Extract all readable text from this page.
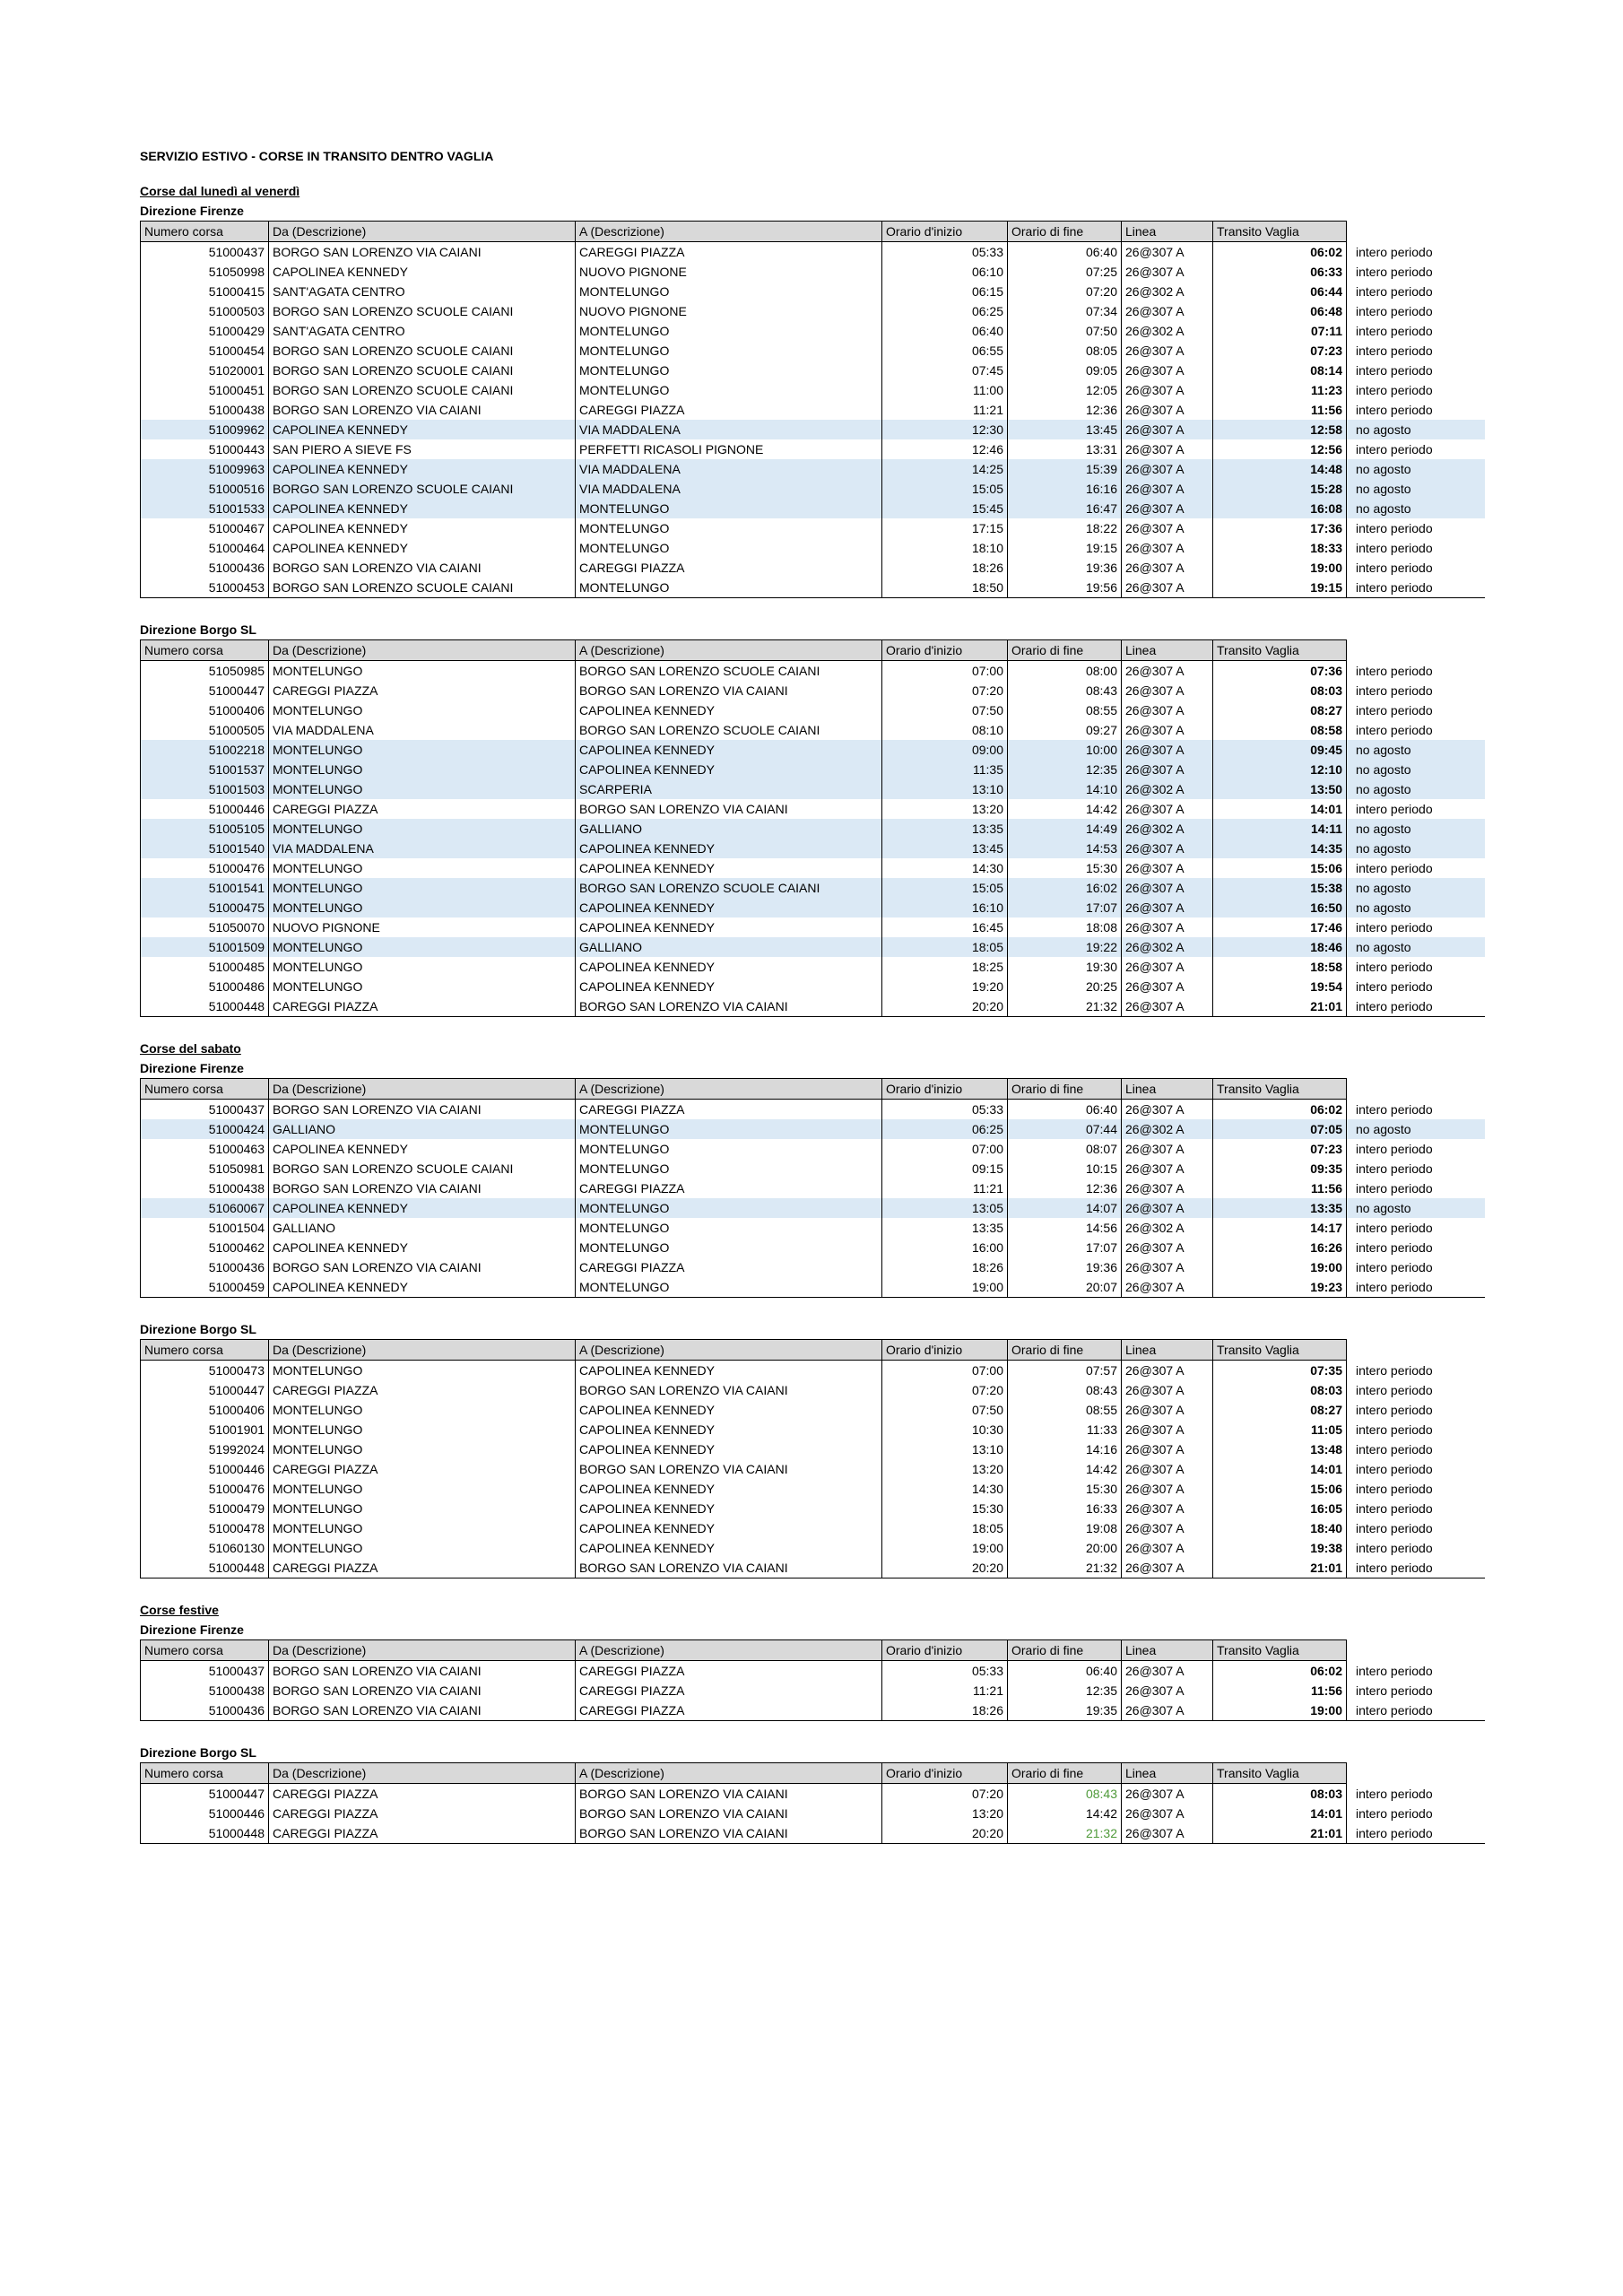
SERVIZIO ESTIVO - CORSE IN TRANSITO DENTRO VAGLIA
Corse dal lunedì al venerdì
Direzione Firenze
Numero corsa	Da (Descrizione)	A (Descrizione)	Orario d'inizio	Orario di fine	Linea	Transito Vaglia	
51000437	BORGO SAN LORENZO VIA CAIANI	CAREGGI PIAZZA	05:33	06:40	26@307 A	06:02	intero periodo
51050998	CAPOLINEA KENNEDY	NUOVO PIGNONE	06:10	07:25	26@307 A	06:33	intero periodo
51000415	SANT'AGATA CENTRO	MONTELUNGO	06:15	07:20	26@302 A	06:44	intero periodo
51000503	BORGO SAN LORENZO SCUOLE CAIANI	NUOVO PIGNONE	06:25	07:34	26@307 A	06:48	intero periodo
51000429	SANT'AGATA CENTRO	MONTELUNGO	06:40	07:50	26@302 A	07:11	intero periodo
51000454	BORGO SAN LORENZO SCUOLE CAIANI	MONTELUNGO	06:55	08:05	26@307 A	07:23	intero periodo
51020001	BORGO SAN LORENZO SCUOLE CAIANI	MONTELUNGO	07:45	09:05	26@307 A	08:14	intero periodo
51000451	BORGO SAN LORENZO SCUOLE CAIANI	MONTELUNGO	11:00	12:05	26@307 A	11:23	intero periodo
51000438	BORGO SAN LORENZO VIA CAIANI	CAREGGI PIAZZA	11:21	12:36	26@307 A	11:56	intero periodo
51009962	CAPOLINEA KENNEDY	VIA MADDALENA	12:30	13:45	26@307 A	12:58	no agosto
51000443	SAN PIERO A SIEVE FS	PERFETTI RICASOLI PIGNONE	12:46	13:31	26@307 A	12:56	intero periodo
51009963	CAPOLINEA KENNEDY	VIA MADDALENA	14:25	15:39	26@307 A	14:48	no agosto
51000516	BORGO SAN LORENZO SCUOLE CAIANI	VIA MADDALENA	15:05	16:16	26@307 A	15:28	no agosto
51001533	CAPOLINEA KENNEDY	MONTELUNGO	15:45	16:47	26@307 A	16:08	no agosto
51000467	CAPOLINEA KENNEDY	MONTELUNGO	17:15	18:22	26@307 A	17:36	intero periodo
51000464	CAPOLINEA KENNEDY	MONTELUNGO	18:10	19:15	26@307 A	18:33	intero periodo
51000436	BORGO SAN LORENZO VIA CAIANI	CAREGGI PIAZZA	18:26	19:36	26@307 A	19:00	intero periodo
51000453	BORGO SAN LORENZO SCUOLE CAIANI	MONTELUNGO	18:50	19:56	26@307 A	19:15	intero periodo
Direzione Borgo SL
Numero corsa	Da (Descrizione)	A (Descrizione)	Orario d'inizio	Orario di fine	Linea	Transito Vaglia	
51050985	MONTELUNGO	BORGO SAN LORENZO SCUOLE CAIANI	07:00	08:00	26@307 A	07:36	intero periodo
51000447	CAREGGI PIAZZA	BORGO SAN LORENZO VIA CAIANI	07:20	08:43	26@307 A	08:03	intero periodo
51000406	MONTELUNGO	CAPOLINEA KENNEDY	07:50	08:55	26@307 A	08:27	intero periodo
51000505	VIA MADDALENA	BORGO SAN LORENZO SCUOLE CAIANI	08:10	09:27	26@307 A	08:58	intero periodo
51002218	MONTELUNGO	CAPOLINEA KENNEDY	09:00	10:00	26@307 A	09:45	no agosto
51001537	MONTELUNGO	CAPOLINEA KENNEDY	11:35	12:35	26@307 A	12:10	no agosto
51001503	MONTELUNGO	SCARPERIA	13:10	14:10	26@302 A	13:50	no agosto
51000446	CAREGGI PIAZZA	BORGO SAN LORENZO VIA CAIANI	13:20	14:42	26@307 A	14:01	intero periodo
51005105	MONTELUNGO	GALLIANO	13:35	14:49	26@302 A	14:11	no agosto
51001540	VIA MADDALENA	CAPOLINEA KENNEDY	13:45	14:53	26@307 A	14:35	no agosto
51000476	MONTELUNGO	CAPOLINEA KENNEDY	14:30	15:30	26@307 A	15:06	intero periodo
51001541	MONTELUNGO	BORGO SAN LORENZO SCUOLE CAIANI	15:05	16:02	26@307 A	15:38	no agosto
51000475	MONTELUNGO	CAPOLINEA KENNEDY	16:10	17:07	26@307 A	16:50	no agosto
51050070	NUOVO PIGNONE	CAPOLINEA KENNEDY	16:45	18:08	26@307 A	17:46	intero periodo
51001509	MONTELUNGO	GALLIANO	18:05	19:22	26@302 A	18:46	no agosto
51000485	MONTELUNGO	CAPOLINEA KENNEDY	18:25	19:30	26@307 A	18:58	intero periodo
51000486	MONTELUNGO	CAPOLINEA KENNEDY	19:20	20:25	26@307 A	19:54	intero periodo
51000448	CAREGGI PIAZZA	BORGO SAN LORENZO VIA CAIANI	20:20	21:32	26@307 A	21:01	intero periodo
Corse del sabato
Direzione Firenze
Numero corsa	Da (Descrizione)	A (Descrizione)	Orario d'inizio	Orario di fine	Linea	Transito Vaglia	
51000437	BORGO SAN LORENZO VIA CAIANI	CAREGGI PIAZZA	05:33	06:40	26@307 A	06:02	intero periodo
51000424	GALLIANO	MONTELUNGO	06:25	07:44	26@302 A	07:05	no agosto
51000463	CAPOLINEA KENNEDY	MONTELUNGO	07:00	08:07	26@307 A	07:23	intero periodo
51050981	BORGO SAN LORENZO SCUOLE CAIANI	MONTELUNGO	09:15	10:15	26@307 A	09:35	intero periodo
51000438	BORGO SAN LORENZO VIA CAIANI	CAREGGI PIAZZA	11:21	12:36	26@307 A	11:56	intero periodo
51060067	CAPOLINEA KENNEDY	MONTELUNGO	13:05	14:07	26@307 A	13:35	no agosto
51001504	GALLIANO	MONTELUNGO	13:35	14:56	26@302 A	14:17	intero periodo
51000462	CAPOLINEA KENNEDY	MONTELUNGO	16:00	17:07	26@307 A	16:26	intero periodo
51000436	BORGO SAN LORENZO VIA CAIANI	CAREGGI PIAZZA	18:26	19:36	26@307 A	19:00	intero periodo
51000459	CAPOLINEA KENNEDY	MONTELUNGO	19:00	20:07	26@307 A	19:23	intero periodo
Direzione Borgo SL
Numero corsa	Da (Descrizione)	A (Descrizione)	Orario d'inizio	Orario di fine	Linea	Transito Vaglia	
51000473	MONTELUNGO	CAPOLINEA KENNEDY	07:00	07:57	26@307 A	07:35	intero periodo
51000447	CAREGGI PIAZZA	BORGO SAN LORENZO VIA CAIANI	07:20	08:43	26@307 A	08:03	intero periodo
51000406	MONTELUNGO	CAPOLINEA KENNEDY	07:50	08:55	26@307 A	08:27	intero periodo
51001901	MONTELUNGO	CAPOLINEA KENNEDY	10:30	11:33	26@307 A	11:05	intero periodo
51992024	MONTELUNGO	CAPOLINEA KENNEDY	13:10	14:16	26@307 A	13:48	intero periodo
51000446	CAREGGI PIAZZA	BORGO SAN LORENZO VIA CAIANI	13:20	14:42	26@307 A	14:01	intero periodo
51000476	MONTELUNGO	CAPOLINEA KENNEDY	14:30	15:30	26@307 A	15:06	intero periodo
51000479	MONTELUNGO	CAPOLINEA KENNEDY	15:30	16:33	26@307 A	16:05	intero periodo
51000478	MONTELUNGO	CAPOLINEA KENNEDY	18:05	19:08	26@307 A	18:40	intero periodo
51060130	MONTELUNGO	CAPOLINEA KENNEDY	19:00	20:00	26@307 A	19:38	intero periodo
51000448	CAREGGI PIAZZA	BORGO SAN LORENZO VIA CAIANI	20:20	21:32	26@307 A	21:01	intero periodo
Corse festive
Direzione Firenze
Numero corsa	Da (Descrizione)	A (Descrizione)	Orario d'inizio	Orario di fine	Linea	Transito Vaglia	
51000437	BORGO SAN LORENZO VIA CAIANI	CAREGGI PIAZZA	05:33	06:40	26@307 A	06:02	intero periodo
51000438	BORGO SAN LORENZO VIA CAIANI	CAREGGI PIAZZA	11:21	12:35	26@307 A	11:56	intero periodo
51000436	BORGO SAN LORENZO VIA CAIANI	CAREGGI PIAZZA	18:26	19:35	26@307 A	19:00	intero periodo
Direzione Borgo SL
Numero corsa	Da (Descrizione)	A (Descrizione)	Orario d'inizio	Orario di fine	Linea	Transito Vaglia	
51000447	CAREGGI PIAZZA	BORGO SAN LORENZO VIA CAIANI	07:20	08:43	26@307 A	08:03	intero periodo
51000446	CAREGGI PIAZZA	BORGO SAN LORENZO VIA CAIANI	13:20	14:42	26@307 A	14:01	intero periodo
51000448	CAREGGI PIAZZA	BORGO SAN LORENZO VIA CAIANI	20:20	21:32	26@307 A	21:01	intero periodo
